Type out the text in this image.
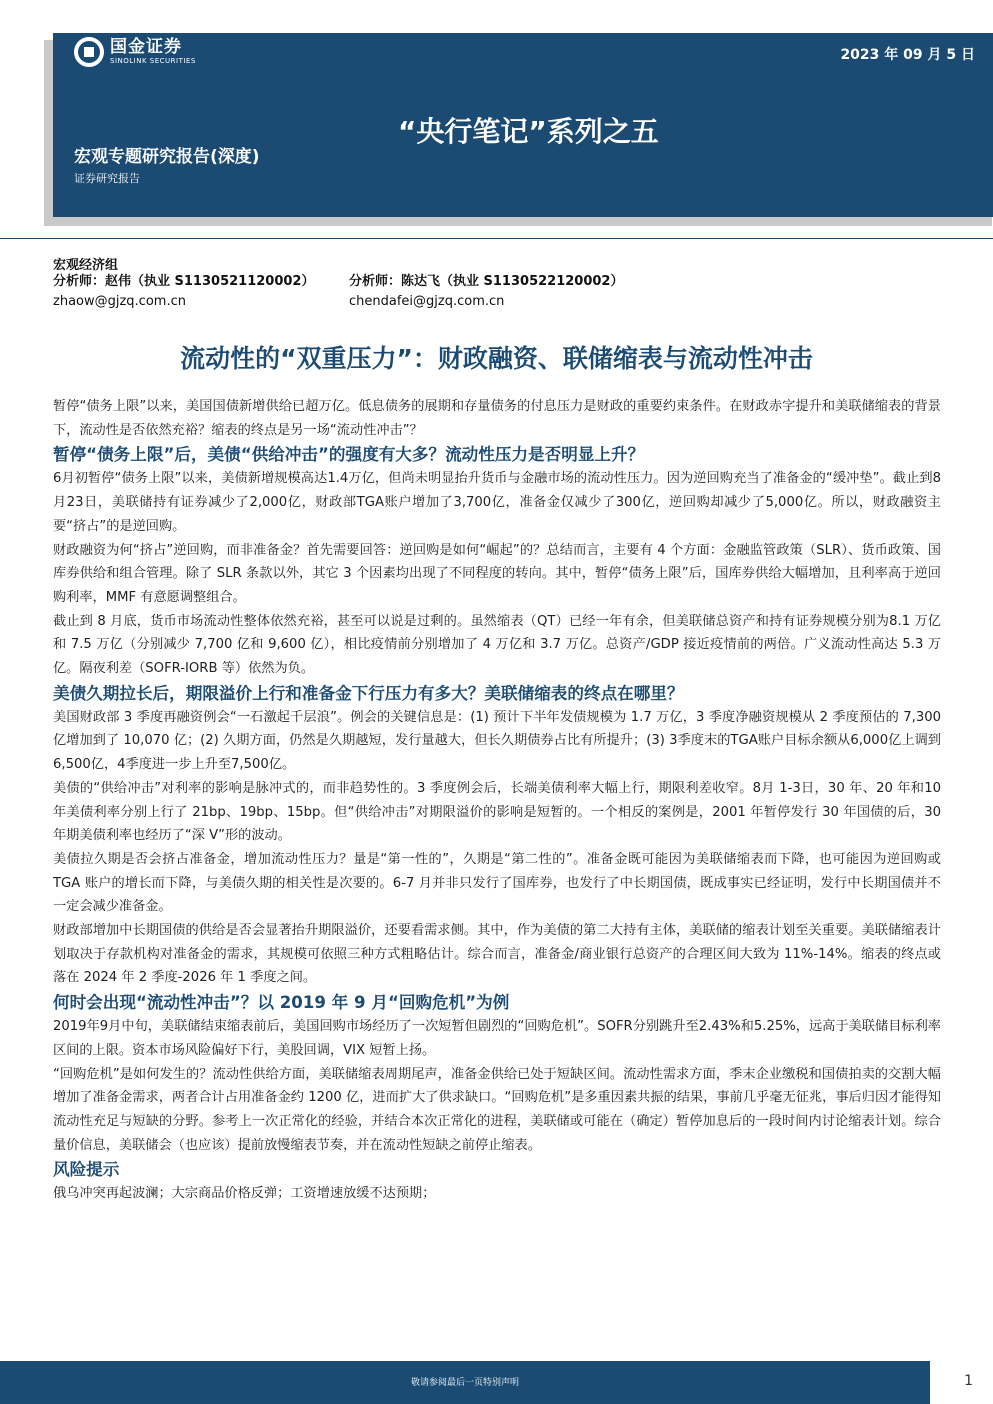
国金证券
SINOLINK SECURITIES	2023 年 09 月 5 日
“央行笔记”系列之五
宏观专题研究报告(深度)
证券研究报告
宏观经济组
分析师：赵伟（执业 S1130521120002）
zhaow@gjzq.com.cn
分析师：陈达飞（执业 S1130522120002）
chendafei@gjzq.com.cn
流动性的“双重压力”：财政融资、联储缩表与流动性冲击

暂停“债务上限”以来，美国国债新增供给已超万亿。低息债务的展期和存量债务的付息压力是财政的重要约束条件。在财政赤字提升和美联储缩表的背景下，流动性是否依然充裕？缩表的终点是另一场“流动性冲击”？

暂停“债务上限”后，美债“供给冲击”的强度有大多？流动性压力是否明显上升？

6月初暂停“债务上限”以来，美债新增规模高达1.4万亿，但尚未明显抬升货币与金融市场的流动性压力。因为逆回购充当了准备金的“缓冲垫”。截止到8月23日，美联储持有证券减少了2,000亿，财政部TGA账户增加了3,700亿，准备金仅减少了300亿，逆回购却减少了5,000亿。所以，财政融资主要“挤占”的是逆回购。

财政融资为何“挤占”逆回购，而非准备金？首先需要回答：逆回购是如何“崛起”的？总结而言，主要有 4 个方面：金融监管政策（SLR）、货币政策、国库券供给和组合管理。除了 SLR 条款以外，其它 3 个因素均出现了不同程度的转向。其中，暂停“债务上限”后，国库券供给大幅增加，且利率高于逆回购利率，MMF 有意愿调整组合。

截止到 8 月底，货币市场流动性整体依然充裕，甚至可以说是过剩的。虽然缩表（QT）已经一年有余，但美联储总资产和持有证券规模分别为8.1 万亿和 7.5 万亿（分别减少 7,700 亿和 9,600 亿），相比疫情前分别增加了 4 万亿和 3.7 万亿。总资产/GDP 接近疫情前的两倍。广义流动性高达 5.3 万亿。隔夜利差（SOFR-IORB 等）依然为负。

美债久期拉长后，期限溢价上行和准备金下行压力有多大？美联储缩表的终点在哪里？

美国财政部 3 季度再融资例会“一石激起千层浪”。例会的关键信息是：(1) 预计下半年发债规模为 1.7 万亿，3 季度净融资规模从 2 季度预估的 7,300 亿增加到了 10,070 亿；(2) 久期方面，仍然是久期越短，发行量越大，但长久期债券占比有所提升；(3) 3季度末的TGA账户目标余额从6,000亿上调到6,500亿，4季度进一步上升至7,500亿。

美债的“供给冲击”对利率的影响是脉冲式的，而非趋势性的。3 季度例会后，长端美债利率大幅上行，期限利差收窄。8月 1-3日，30 年、20 年和10 年美债利率分别上行了 21bp、19bp、15bp。但“供给冲击”对期限溢价的影响是短暂的。一个相反的案例是，2001 年暂停发行 30 年国债的后，30 年期美债利率也经历了“深 V”形的波动。

美债拉久期是否会挤占准备金，增加流动性压力？量是“第一性的”，久期是“第二性的”。准备金既可能因为美联储缩表而下降，也可能因为逆回购或 TGA 账户的增长而下降，与美债久期的相关性是次要的。6-7 月并非只发行了国库券，也发行了中长期国债，既成事实已经证明，发行中长期国债并不一定会减少准备金。

财政部增加中长期国债的供给是否会显著抬升期限溢价，还要看需求侧。其中，作为美债的第二大持有主体，美联储的缩表计划至关重要。美联储缩表计划取决于存款机构对准备金的需求，其规模可依照三种方式粗略估计。综合而言，准备金/商业银行总资产的合理区间大致为 11%-14%。缩表的终点或落在 2024 年 2 季度-2026 年 1 季度之间。

何时会出现“流动性冲击”？以 2019 年 9 月“回购危机”为例

2019年9月中旬，美联储结束缩表前后，美国回购市场经历了一次短暂但剧烈的“回购危机”。SOFR分别跳升至2.43%和5.25%，远高于美联储目标利率区间的上限。资本市场风险偏好下行，美股回调，VIX 短暂上扬。

“回购危机”是如何发生的？流动性供给方面，美联储缩表周期尾声，准备金供给已处于短缺区间。流动性需求方面，季末企业缴税和国债拍卖的交割大幅增加了准备金需求，两者合计占用准备金约 1200 亿，进而扩大了供求缺口。“回购危机”是多重因素共振的结果，事前几乎毫无征兆，事后归因才能得知流动性充足与短缺的分野。参考上一次正常化的经验，并结合本次正常化的进程，美联储或可能在（确定）暂停加息后的一段时间内讨论缩表计划。综合量价信息，美联储会（也应该）提前放慢缩表节奏，并在流动性短缺之前停止缩表。

风险提示

俄乌冲突再起波澜；大宗商品价格反弹；工资增速放缓不达预期；

敬请参阅最后一页特别声明	1
